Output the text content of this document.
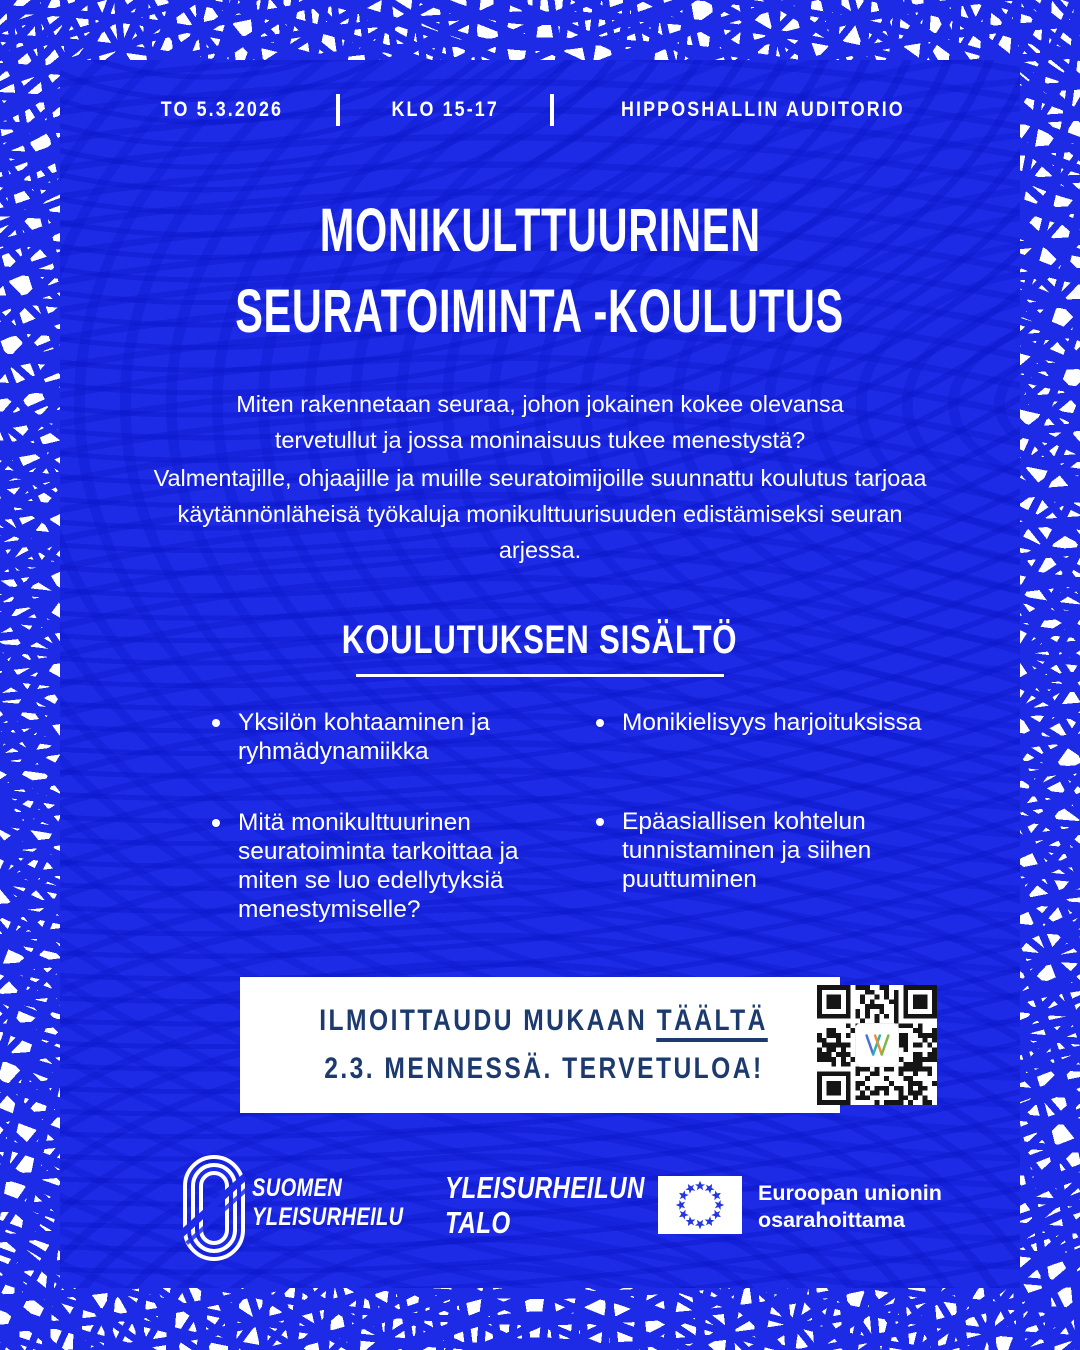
TO 5.3.2026	KLO 15-17	HIPPOSHALLIN AUDITORIO
MONIKULTTUURINEN
SEURATOIMINTA -KOULUTUS

Miten rakennetaan seuraa, johon jokainen kokee olevansa tervetullut ja jossa moninaisuus tukee menestystä?

Valmentajille, ohjaajille ja muille seuratoimijoille suunnattu koulutus tarjoaa käytännönläheisä työkaluja monikulttuurisuuden edistämiseksi seuran arjessa.

KOULUTUKSEN SISÄLTÖ
Yksilön kohtaaminen ja ryhmädynamiikka
Mitä monikulttuurinen seuratoiminta tarkoittaa ja miten se luo edellytyksiä menestymiselle?
Monikielisyys harjoituksissa
Epäasiallisen kohtelun tunnistaminen ja siihen puuttuminen
ILMOITTAUDU MUKAAN TÄÄLTÄ
2.3. MENNESSÄ. TERVETULOA!
SUOMEN
YLEISURHEILU
YLEISURHEILUN
TALO
Euroopan unionin
osarahoittama
